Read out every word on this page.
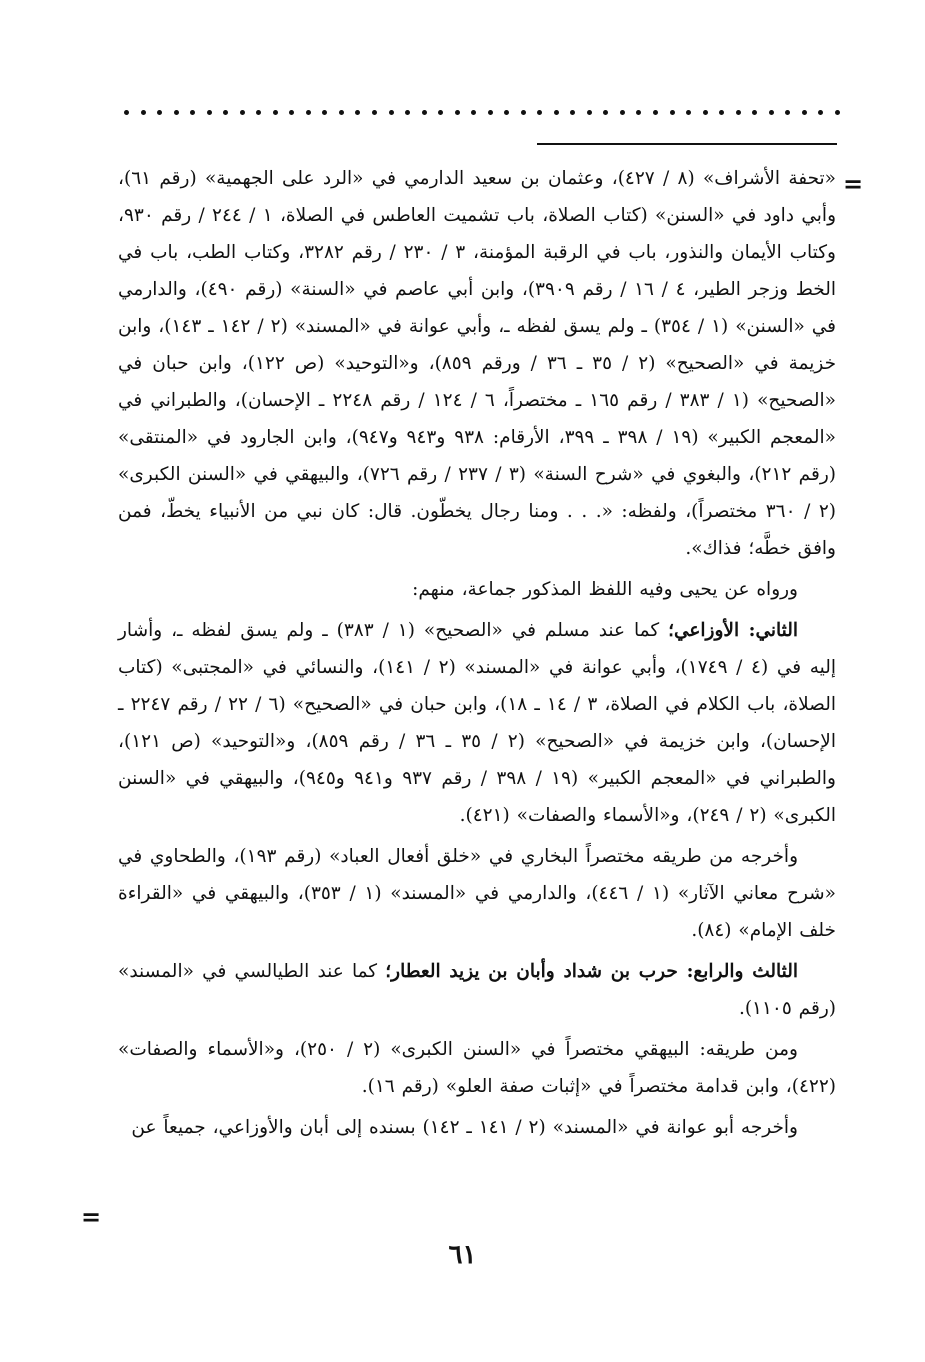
=

«تحفة الأشراف» (٨ / ٤٢٧)، وعثمان بن سعيد الدارمي في «الرد على الجهمية» (رقم ٦١)، وأبي داود في «السنن» (كتاب الصلاة، باب تشميت العاطس في الصلاة، ١ / ٢٤٤ / رقم ٩٣٠، وكتاب الأيمان والنذور، باب في الرقبة المؤمنة، ٣ / ٢٣٠ / رقم ٣٢٨٢، وكتاب الطب، باب في الخط وزجر الطير، ٤ / ١٦ / رقم ٣٩٠٩)، وابن أبي عاصم في «السنة» (رقم ٤٩٠)، والدارمي في «السنن» (١ / ٣٥٤) ـ ولم يسق لفظه ـ، وأبي عوانة في «المسند» (٢ / ١٤٢ ـ ١٤٣)، وابن خزيمة في «الصحيح» (٢ / ٣٥ ـ ٣٦ / ورقم ٨٥٩)، و«التوحيد» (ص ١٢٢)، وابن حبان في «الصحيح» (١ / ٣٨٣ / رقم ١٦٥ ـ مختصراً، ٦ / ١٢٤ / رقم ٢٢٤٨ ـ الإحسان)، والطبراني في «المعجم الكبير» (١٩ / ٣٩٨ ـ ٣٩٩، الأرقام: ٩٣٨ و٩٤٣ و٩٤٧)، وابن الجارود في «المنتقى» (رقم ٢١٢)، والبغوي في «شرح السنة» (٣ / ٢٣٧ / رقم ٧٢٦)، والبيهقي في «السنن الكبرى» (٢ / ٣٦٠ مختصراً)، ولفظه: «. . . ومنا رجال يخطّون. قال: كان نبي من الأنبياء يخطّ، فمن وافق خطَّه؛ فذاك».

ورواه عن يحيى وفيه اللفظ المذكور جماعة، منهم:

الثاني: الأوزاعي؛ كما عند مسلم في «الصحيح» (١ / ٣٨٣) ـ ولم يسق لفظه ـ، وأشار إليه في (٤ / ١٧٤٩)، وأبي عوانة في «المسند» (٢ / ١٤١)، والنسائي في «المجتبى» (كتاب الصلاة، باب الكلام في الصلاة، ٣ / ١٤ ـ ١٨)، وابن حبان في «الصحيح» (٦ / ٢٢ / رقم ٢٢٤٧ ـ الإحسان)، وابن خزيمة في «الصحيح» (٢ / ٣٥ ـ ٣٦ / رقم ٨٥٩)، و«التوحيد» (ص ١٢١)، والطبراني في «المعجم الكبير» (١٩ / ٣٩٨ / رقم ٩٣٧ و٩٤١ و٩٤٥)، والبيهقي في «السنن الكبرى» (٢ / ٢٤٩)، و«الأسماء والصفات» (٤٢١).

وأخرجه من طريقه مختصراً البخاري في «خلق أفعال العباد» (رقم ١٩٣)، والطحاوي في «شرح معاني الآثار» (١ / ٤٤٦)، والدارمي في «المسند» (١ / ٣٥٣)، والبيهقي في «القراءة خلف الإمام» (٨٤).

الثالث والرابع: حرب بن شداد وأبان بن يزيد العطار؛ كما عند الطيالسي في «المسند» (رقم ١١٠٥).

ومن طريقه: البيهقي مختصراً في «السنن الكبرى» (٢ / ٢٥٠)، و«الأسماء والصفات» (٤٢٢)، وابن قدامة مختصراً في «إثبات صفة العلو» (رقم ١٦).

وأخرجه أبو عوانة في «المسند» (٢ / ١٤١ ـ ١٤٢) بسنده إلى أبان والأوزاعي، جميعاً عن

=
٦١
